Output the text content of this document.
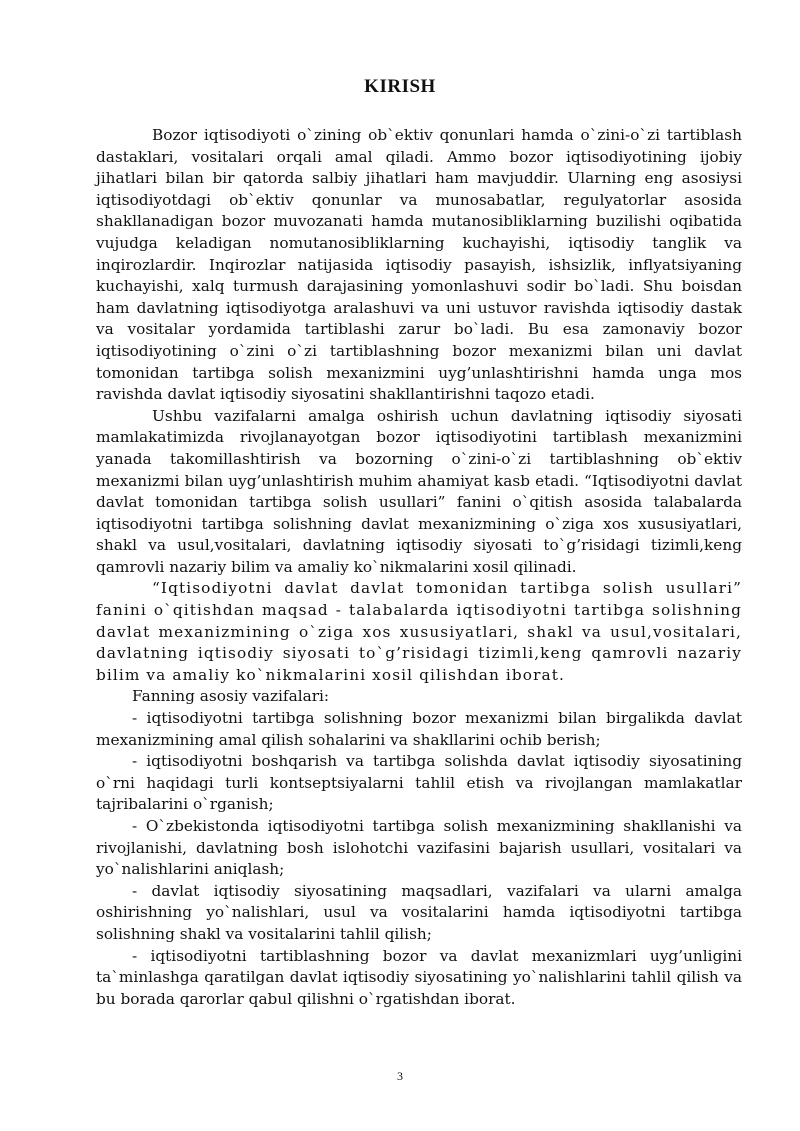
KIRISH

Bozor iqtisodiyoti o`zining ob`ektiv qonunlari hamda o`zini-o`zi tartiblash dastaklari, vositalari orqali amal qiladi. Ammo bozor iqtisodiyotining ijobiy jihatlari bilan bir qatorda salbiy jihatlari ham mavjuddir. Ularning eng asosiysi iqtisodiyotdagi ob`ektiv qonunlar va munosabatlar, regulyatorlar asosida shakllanadigan bozor muvozanati hamda mutanosibliklarning buzilishi oqibatida vujudga keladigan nomutanosibliklarning kuchayishi, iqtisodiy tanglik va inqirozlardir. Inqirozlar natijasida iqtisodiy pasayish, ishsizlik, inflyatsiyaning kuchayishi, xalq turmush darajasining yomonlashuvi sodir bo`ladi. Shu boisdan ham davlatning iqtisodiyotga aralashuvi va uni ustuvor ravishda iqtisodiy dastak va vositalar yordamida tartiblashi zarur bo`ladi. Bu esa zamonaviy bozor iqtisodiyotining o`zini o`zi tartiblashning bozor mexanizmi bilan uni davlat tomonidan tartibga solish mexanizmini uyg’unlashtirishni hamda unga mos ravishda davlat iqtisodiy siyosatini shakllantirishni taqozo etadi.

Ushbu vazifalarni amalga oshirish uchun davlatning iqtisodiy siyosati mamlakatimizda rivojlanayotgan bozor iqtisodiyotini tartiblash mexanizmini yanada takomillashtirish va bozorning o`zini-o`zi tartiblashning ob`ektiv mexanizmi bilan uyg’unlashtirish muhim ahamiyat kasb etadi. “Iqtisodiyotni davlat davlat tomonidan tartibga solish usullari” fanini o`qitish asosida talabalarda iqtisodiyotni tartibga solishning davlat mexanizmining o`ziga xos xususiyatlari, shakl va usul,vositalari, davlatning iqtisodiy siyosati to`g’risidagi tizimli,keng qamrovli nazariy bilim va amaliy ko`nikmalarini xosil qilinadi.

“Iqtisodiyotni davlat davlat tomonidan tartibga solish usullari” fanini o`qitishdan maqsad - talabalarda iqtisodiyotni tartibga solishning davlat mexanizmining o`ziga xos xususiyatlari, shakl va usul,vositalari, davlatning iqtisodiy siyosati to`g’risidagi tizimli,keng qamrovli nazariy bilim va amaliy ko`nikmalarini xosil qilishdan iborat.

Fanning asosiy vazifalari:

- iqtisodiyotni tartibga solishning bozor mexanizmi bilan birgalikda davlat mexanizmining amal qilish sohalarini va shakllarini ochib berish;

- iqtisodiyotni boshqarish va tartibga solishda davlat iqtisodiy siyosatining o`rni haqidagi turli kontseptsiyalarni tahlil etish va rivojlangan mamlakatlar tajribalarini o`rganish;

- O`zbekistonda iqtisodiyotni tartibga solish mexanizmining shakllanishi va rivojlanishi, davlatning bosh islohotchi vazifasini bajarish usullari, vositalari va yo`nalishlarini aniqlash;

- davlat iqtisodiy siyosatining maqsadlari, vazifalari va ularni amalga oshirishning yo`nalishlari, usul va vositalarini hamda iqtisodiyotni tartibga solishning shakl va vositalarini tahlil qilish;

- iqtisodiyotni tartiblashning bozor va davlat mexanizmlari uyg’unligini ta`minlashga qaratilgan davlat iqtisodiy siyosatining yo`nalishlarini tahlil qilish va bu borada qarorlar qabul qilishni o`rgatishdan iborat.

3
